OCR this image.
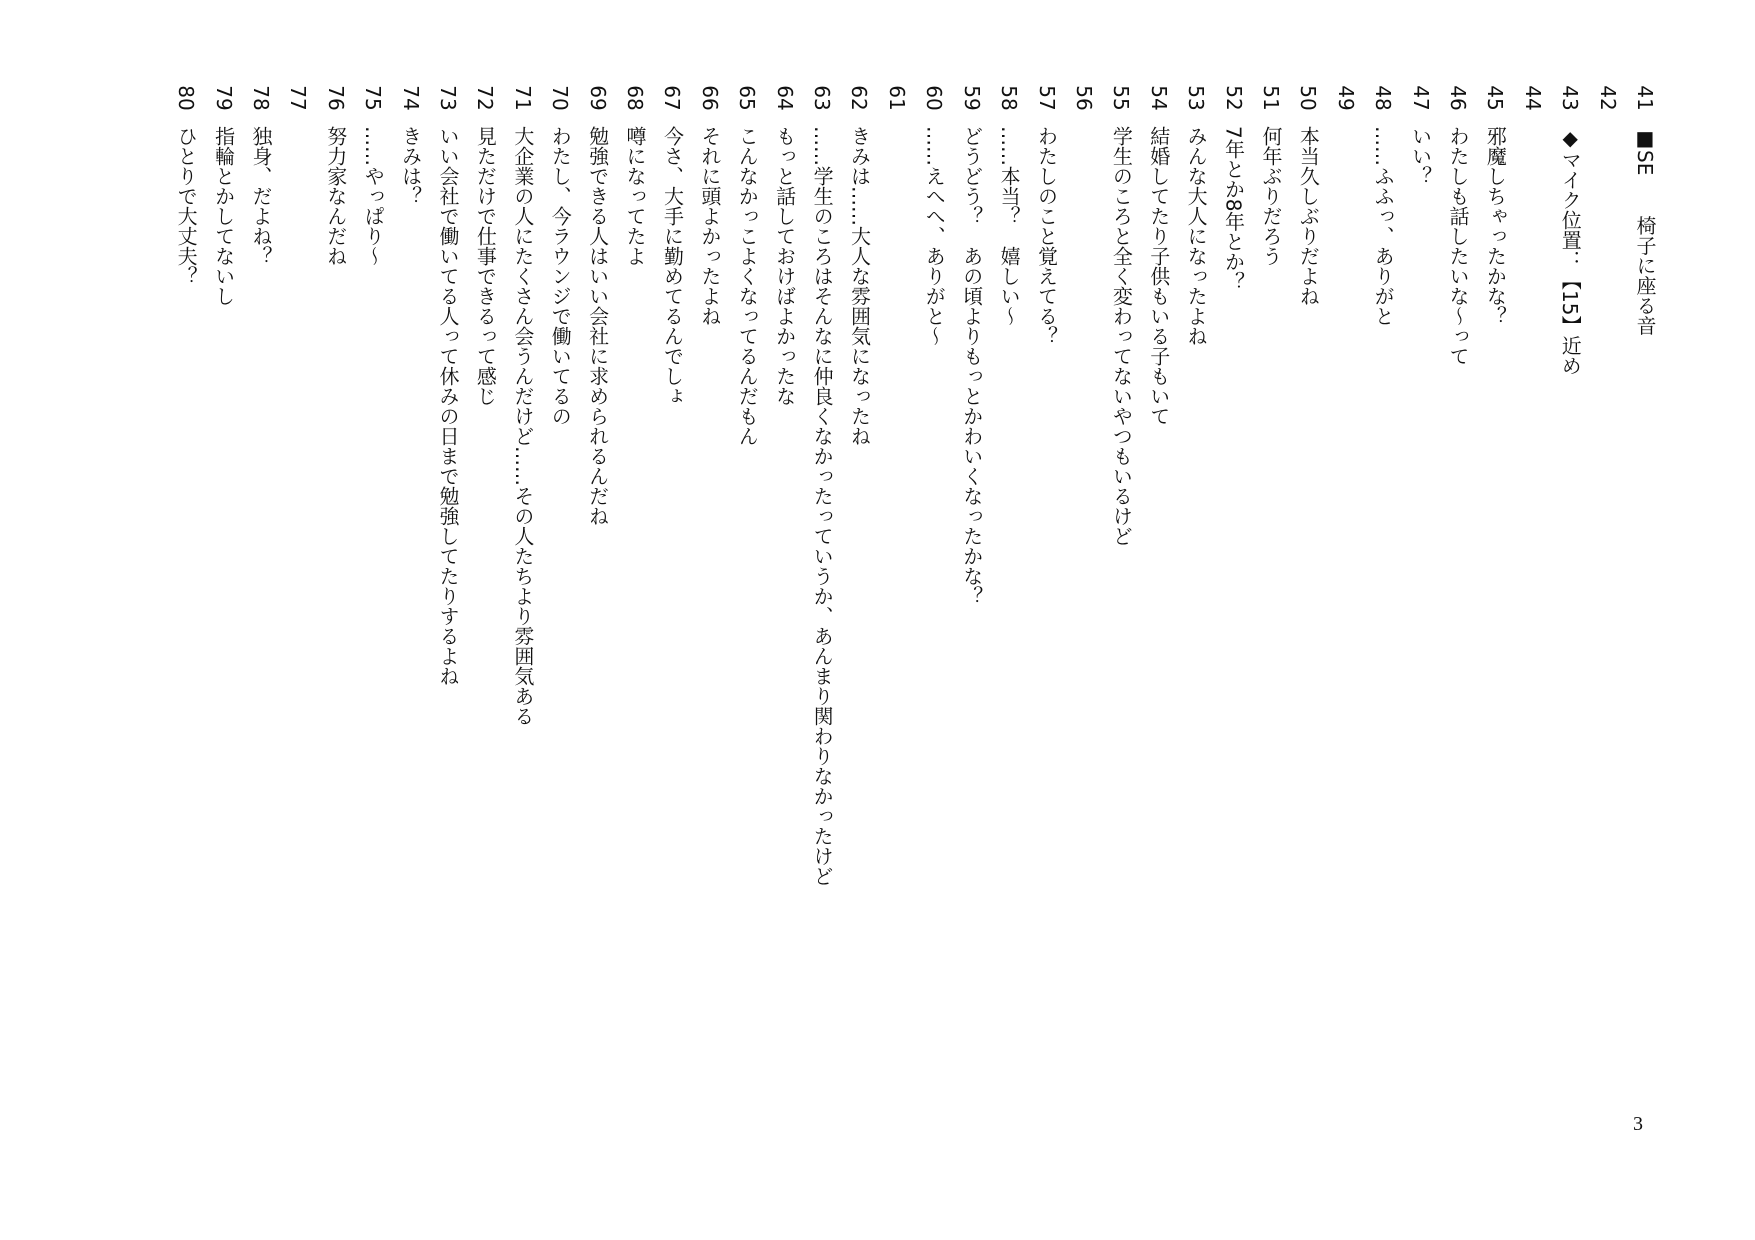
41■SE　　椅子に座る音
42
43◆マイク位置：【15】近め
44
45邪魔しちゃったかな？
46わたしも話したいな～って
47いい？
48……ふふっ、ありがと
49
50本当久しぶりだよね
51何年ぶりだろう
527年とか8年とか？
53みんな大人になったよね
54結婚してたり子供もいる子もいて
55学生のころと全く変わってないやつもいるけど
56
57わたしのこと覚えてる？
58……本当？　嬉しい～
59どうどう？　あの頃よりもっとかわいくなったかな？
60……えへへ、ありがと～
61
62きみは……大人な雰囲気になったね
63……学生のころはそんなに仲良くなかったっていうか、あんまり関わりなかったけど
64もっと話しておけばよかったな
65こんなかっこよくなってるんだもん
66それに頭よかったよね
67今さ、大手に勤めてるんでしょ
68噂になってたよ
69勉強できる人はいい会社に求められるんだね
70わたし、今ラウンジで働いてるの
71大企業の人にたくさん会うんだけど……その人たちより雰囲気ある
72見ただけで仕事できるって感じ
73いい会社で働いてる人って休みの日まで勉強してたりするよね
74きみは？
75……やっぱり～
76努力家なんだね
77
78独身、だよね？
79指輪とかしてないし
80ひとりで大丈夫？
3
